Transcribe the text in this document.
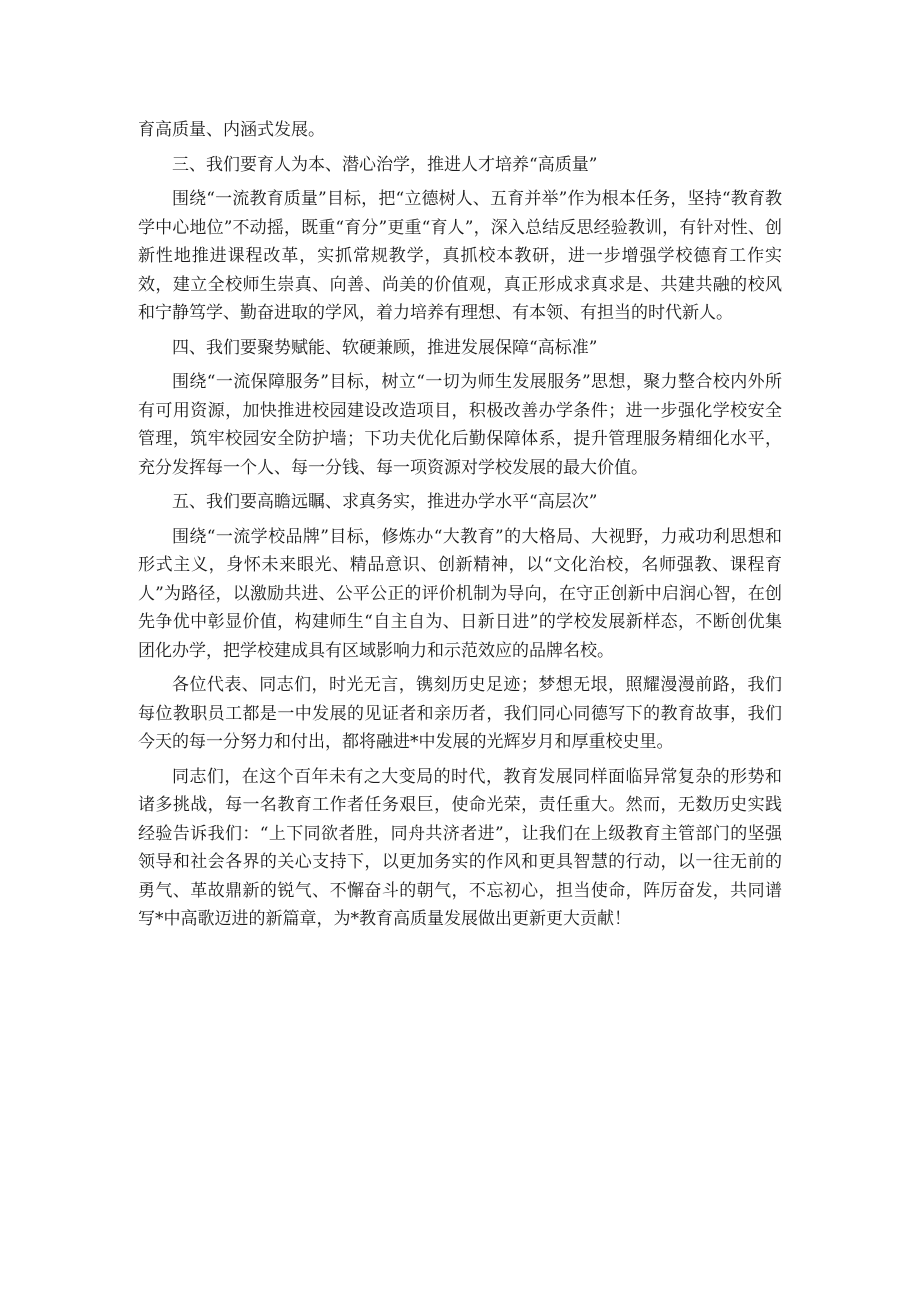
育高质量、内涵式发展。

三、我们要育人为本、潜心治学，推进人才培养“高质量”

围绕“一流教育质量”目标，把“立德树人、五育并举”作为根本任务，坚持“教育教学中心地位”不动摇，既重“育分”更重“育人”，深入总结反思经验教训，有针对性、创新性地推进课程改革，实抓常规教学，真抓校本教研，进一步增强学校德育工作实效，建立全校师生崇真、向善、尚美的价值观，真正形成求真求是、共建共融的校风和宁静笃学、勤奋进取的学风，着力培养有理想、有本领、有担当的时代新人。

四、我们要聚势赋能、软硬兼顾，推进发展保障“高标准”

围绕“一流保障服务”目标，树立“一切为师生发展服务”思想，聚力整合校内外所有可用资源，加快推进校园建设改造项目，积极改善办学条件；进一步强化学校安全管理，筑牢校园安全防护墙；下功夫优化后勤保障体系，提升管理服务精细化水平，充分发挥每一个人、每一分钱、每一项资源对学校发展的最大价值。

五、我们要高瞻远瞩、求真务实，推进办学水平“高层次”

围绕“一流学校品牌”目标，修炼办“大教育”的大格局、大视野，力戒功利思想和形式主义，身怀未来眼光、精品意识、创新精神，以“文化治校，名师强教、课程育人”为路径，以激励共进、公平公正的评价机制为导向，在守正创新中启润心智，在创先争优中彰显价值，构建师生“自主自为、日新日进”的学校发展新样态，不断创优集团化办学，把学校建成具有区域影响力和示范效应的品牌名校。

各位代表、同志们，时光无言，镌刻历史足迹；梦想无垠，照耀漫漫前路，我们每位教职员工都是一中发展的见证者和亲历者，我们同心同德写下的教育故事，我们今天的每一分努力和付出，都将融进*中发展的光辉岁月和厚重校史里。

同志们，在这个百年未有之大变局的时代，教育发展同样面临异常复杂的形势和诸多挑战，每一名教育工作者任务艰巨，使命光荣，责任重大。然而，无数历史实践经验告诉我们：“上下同欲者胜，同舟共济者进”，让我们在上级教育主管部门的坚强领导和社会各界的关心支持下，以更加务实的作风和更具智慧的行动，以一往无前的勇气、革故鼎新的锐气、不懈奋斗的朝气，不忘初心，担当使命，阵厉奋发，共同谱写*中高歌迈进的新篇章，为*教育高质量发展做出更新更大贡献！
